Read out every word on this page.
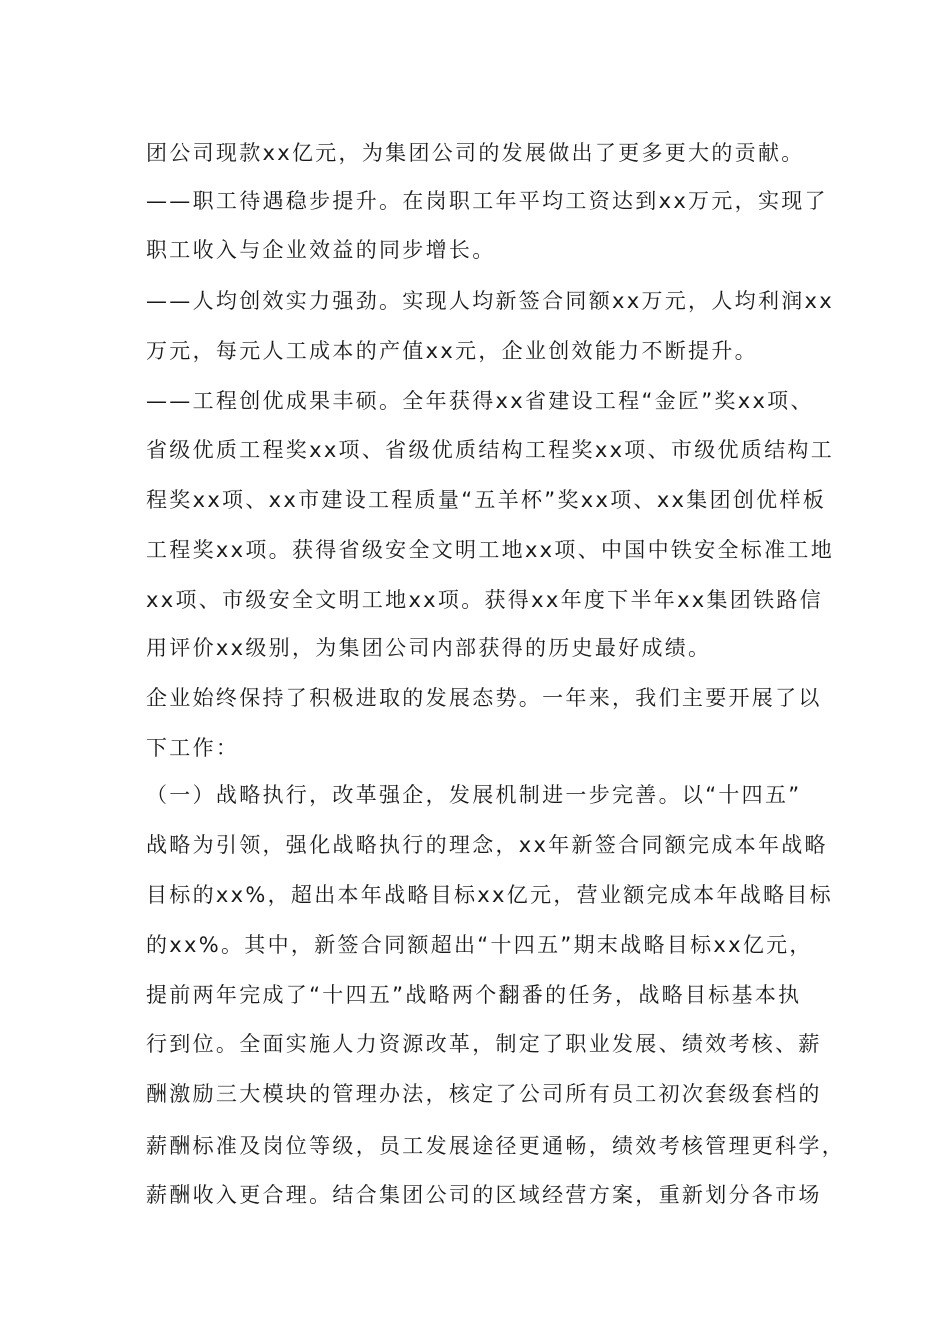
团公司现款xx亿元，为集团公司的发展做出了更多更大的贡献。
——职工待遇稳步提升。在岗职工年平均工资达到xx万元，实现了
职工收入与企业效益的同步增长。
——人均创效实力强劲。实现人均新签合同额xx万元，人均利润xx
万元，每元人工成本的产值xx元，企业创效能力不断提升。
——工程创优成果丰硕。全年获得xx省建设工程“金匠”奖xx项、
省级优质工程奖xx项、省级优质结构工程奖xx项、市级优质结构工
程奖xx项、xx市建设工程质量“五羊杯”奖xx项、xx集团创优样板
工程奖xx项。获得省级安全文明工地xx项、中国中铁安全标准工地
xx项、市级安全文明工地xx项。获得xx年度下半年xx集团铁路信
用评价xx级别，为集团公司内部获得的历史最好成绩。
企业始终保持了积极进取的发展态势。一年来，我们主要开展了以
下工作：
（一）战略执行，改革强企，发展机制进一步完善。以“十四五”
战略为引领，强化战略执行的理念，xx年新签合同额完成本年战略
目标的xx%，超出本年战略目标xx亿元，营业额完成本年战略目标
的xx%。其中，新签合同额超出“十四五”期末战略目标xx亿元，
提前两年完成了“十四五”战略两个翻番的任务，战略目标基本执
行到位。全面实施人力资源改革，制定了职业发展、绩效考核、薪
酬激励三大模块的管理办法，核定了公司所有员工初次套级套档的
薪酬标准及岗位等级，员工发展途径更通畅，绩效考核管理更科学，
薪酬收入更合理。结合集团公司的区域经营方案，重新划分各市场
